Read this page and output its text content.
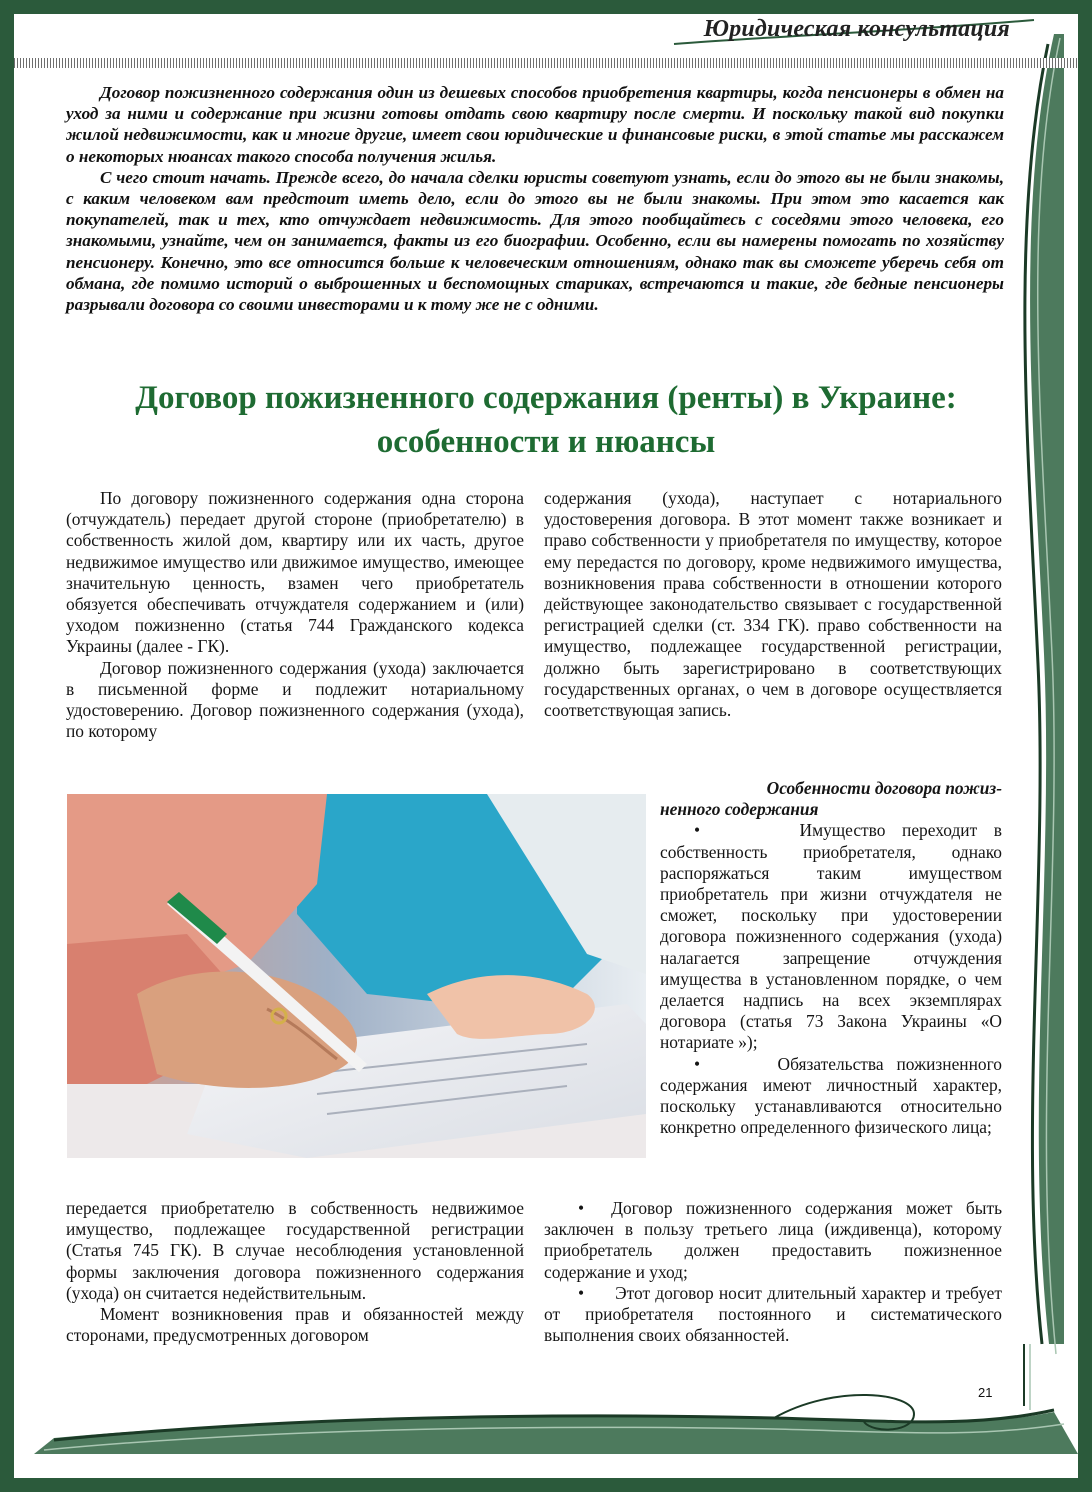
Юридическая консультация

Договор пожизненного содержания один из дешевых способов приобретения квартиры, когда пенсионеры в обмен на уход за ними и содержание при жизни готовы отдать свою квартиру после смерти. И поскольку такой вид покупки жилой недвижимости, как и многие другие, имеет свои юридические и финансовые риски, в этой статье мы расскажем о некоторых нюансах такого способа получения жилья.

С чего стоит начать. Прежде всего, до начала сделки юристы советуют узнать, если до этого вы не были знакомы, с каким человеком вам предстоит иметь дело, если до этого вы не были знакомы. При этом это касается как покупателей, так и тех, кто отчуждает недвижимость. Для этого пообщайтесь с соседями этого человека, его знакомыми, узнайте, чем он занимается, факты из его биографии. Особенно, если вы намерены помогать по хозяйству пенсионеру. Конечно, это все относится больше к человеческим отношениям, однако так вы сможете уберечь себя от обмана, где помимо историй о выброшенных и беспомощных стариках, встречаются и такие, где бедные пенсионеры разрывали договора со своими инвесторами и к тому же не с одними.

Договор пожизненного содержания (ренты) в Украине:
особенности и нюансы

По договору пожизненного содержания одна сторона (отчуждатель) передает другой стороне (приобретателю) в собственность жилой дом, квартиру или их часть, другое недвижимое имущество или движимое имущество, имеющее значительную ценность, взамен чего приобретатель обязуется обеспечивать отчуждателя содержанием и (или) уходом пожизненно (статья 744 Гражданского кодекса Украины (далее - ГК).

Договор пожизненного содержания (ухода) заключается в письменной форме и подлежит нотариальному удостоверению. Договор пожизненного содержания (ухода), по которому

содержания (ухода), наступает с нотариального удостоверения договора. В этот момент также возникает и право собственности у приобретателя по имуществу, которое ему передастся по договору, кроме недвижимого имущества, возникновения права собственности в отношении которого действующее законодательство связывает с государственной регистрацией сделки (ст. 334 ГК). право собственности на имущество, подлежащее государственной регистрации, должно быть зарегистрировано в соответствующих государственных органах, о чем в договоре осуществляется соответствующая запись.

Особенности договора пожиз-
ненного содержания

•	Имущество переходит в собственность приобретателя, однако распоряжаться таким имуществом приобретатель при жизни отчуждателя не сможет, поскольку при удостоверении договора пожизненного содержания (ухода) налагается запрещение отчуждения имущества в установленном порядке, о чем делается надпись на всех экземплярах договора (статья 73 Закона Украины «О нотариате »);

•	Обязательства пожизненного содержания имеют личностный характер, поскольку устанавливаются относительно конкретно определенного физического лица;

передается приобретателю в собственность недвижимое имущество, подлежащее государственной регистрации (Статья 745 ГК). В случае несоблюдения установленной формы заключения договора пожизненного содержания (ухода) он считается недействительным.

Момент возникновения прав и обязанностей между сторонами, предусмотренных договором

• Договор пожизненного содержания может быть заключен в пользу третьего лица (иждивенца), которому приобретатель должен предоставить пожизненное содержание и уход;

• Этот договор носит длительный характер и требует от приобретателя постоянного и систематического выполнения своих обязанностей.

21
